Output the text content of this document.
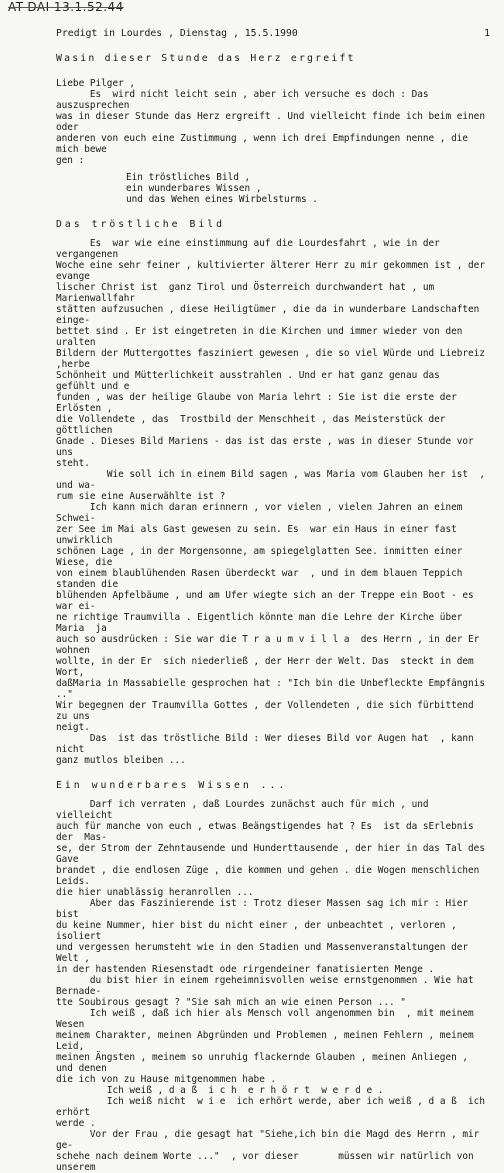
AT-DAI 13.1.52.44
Predigt in Lourdes , Dienstag , 15.5.1990	1
Wasin dieser Stunde das Herz ergreift

Liebe Pilger ,

Es  wird nicht leicht sein , aber ich versuche es doch : Das auszusprechen
was in dieser Stunde das Herz ergreift . Und vielleicht finde ich beim einen oder
anderen von euch eine Zustimmung , wenn ich drei Empfindungen nenne , die mich bewe
gen :

Ein tröstliches Bild ,

ein wunderbares Wissen ,

und das Wehen eines Wirbelsturms .

Das tröstliche Bild

Es  war wie eine einstimmung auf die Lourdesfahrt , wie in der vergangenen
Woche eine sehr feiner , kultivierter älterer Herr zu mir gekommen ist , der evange
lischer Christ ist  ganz Tirol und Österreich durchwandert hat , um Marienwallfahr
stätten aufzusuchen , diese Heiligtümer , die da in wunderbare Landschaften einge-
bettet sind . Er ist eingetreten in die Kirchen und immer wieder von den uralten
Bildern der Muttergottes fasziniert gewesen , die so viel Würde und Liebreiz ,herbe
Schönheit und Mütterlichkeit ausstrahlen . Und er hat ganz genau das  gefühlt und e
funden , was der heilige Glaube von Maria lehrt : Sie ist die erste der Erlösten ,
die Vollendete , das  Trostbild der Menschheit , das Meisterstück der göttlichen
Gnade . Dieses Bild Mariens - das ist das erste , was in dieser Stunde vor uns
steht.

Wie soll ich in einem Bild sagen , was Maria vom Glauben her ist  , und wa-
rum sie eine Auserwählte ist ?

Ich kann mich daran erinnern , vor vielen , vielen Jahren an einem Schwei-
zer See im Mai als Gast gewesen zu sein. Es  war ein Haus in einer fast unwirklich
schönen Lage , in der Morgensonne, am spiegelglatten See. inmitten einer Wiese, die
von einem blaublühenden Rasen überdeckt war  , und in dem blauen Teppich standen die
blühenden Apfelbäume , und am Ufer wiegte sich an der Treppe ein Boot - es war ei-
ne richtige Traumvilla . Eigentlich könnte man die Lehre der Kirche über Maria  ja
auch so ausdrücken : Sie war die T r a u m v i l l a  des Herrn , in der Er wohnen
wollte, in der Er  sich niederließ , der Herr der Welt. Das  steckt in dem Wort,
daßMaria in Massabielle gesprochen hat : "Ich bin die Unbefleckte Empfängnis .."
Wir begegnen der Traumvilla Gottes , der Vollendeten , die sich fürbittend zu uns
neigt.

Das  ist das tröstliche Bild : Wer dieses Bild vor Augen hat  , kann nicht
ganz mutlos bleiben ...

Ein wunderbares Wissen ...

Darf ich verraten , daß Lourdes zunächst auch für mich , und vielleicht
auch für manche von euch , etwas Beängstigendes hat ? Es  ist da sErlebnis der  Mas-
se, der Strom der Zehntausende und Hunderttausende , der hier in das Tal des Gave
brandet , die endlosen Züge , die kommen und gehen . die Wogen menschlichen Leids.
die hier unablässig heranrollen ...

Aber das Faszinierende ist : Trotz dieser Massen sag ich mir : Hier bist
du keine Nummer, hier bist du nicht einer , der unbeachtet , verloren , isoliert
und vergessen herumsteht wie in den Stadien und Massenveranstaltungen der Welt ,
in der hastenden Riesenstadt ode rirgendeiner fanatisierten Menge .
du bist hier in einem rgeheimnisvollen weise ernstgenommen . Wie hat Bernade-
tte Soubirous gesagt ? "Sie sah mich an wie einen Person ... "

Ich weiß , daß ich hier als Mensch voll angenommen bin  , mit meinem Wesen
meinem Charakter, meinen Abgründen und Problemen , meinen Fehlern , meinem Leid,
meinen Ängsten , meinem so unruhig flackernde Glauben , meinen Anliegen , und denen
die ich von zu Hause mitgenommen habe .

Ich weiß , d a ß  i c h  e r h ö r t  w e r d e .
Ich weiß nicht  w i e  ich erhört werde, aber ich weiß , d a ß  ich erhört
werde .

Vor der Frau , die gesagt hat "Siehe,ich bin die Magd des Herrn , mir ge-
schehe nach deinem Worte ..."  , vor dieser       müssen wir natürlich von unserem
